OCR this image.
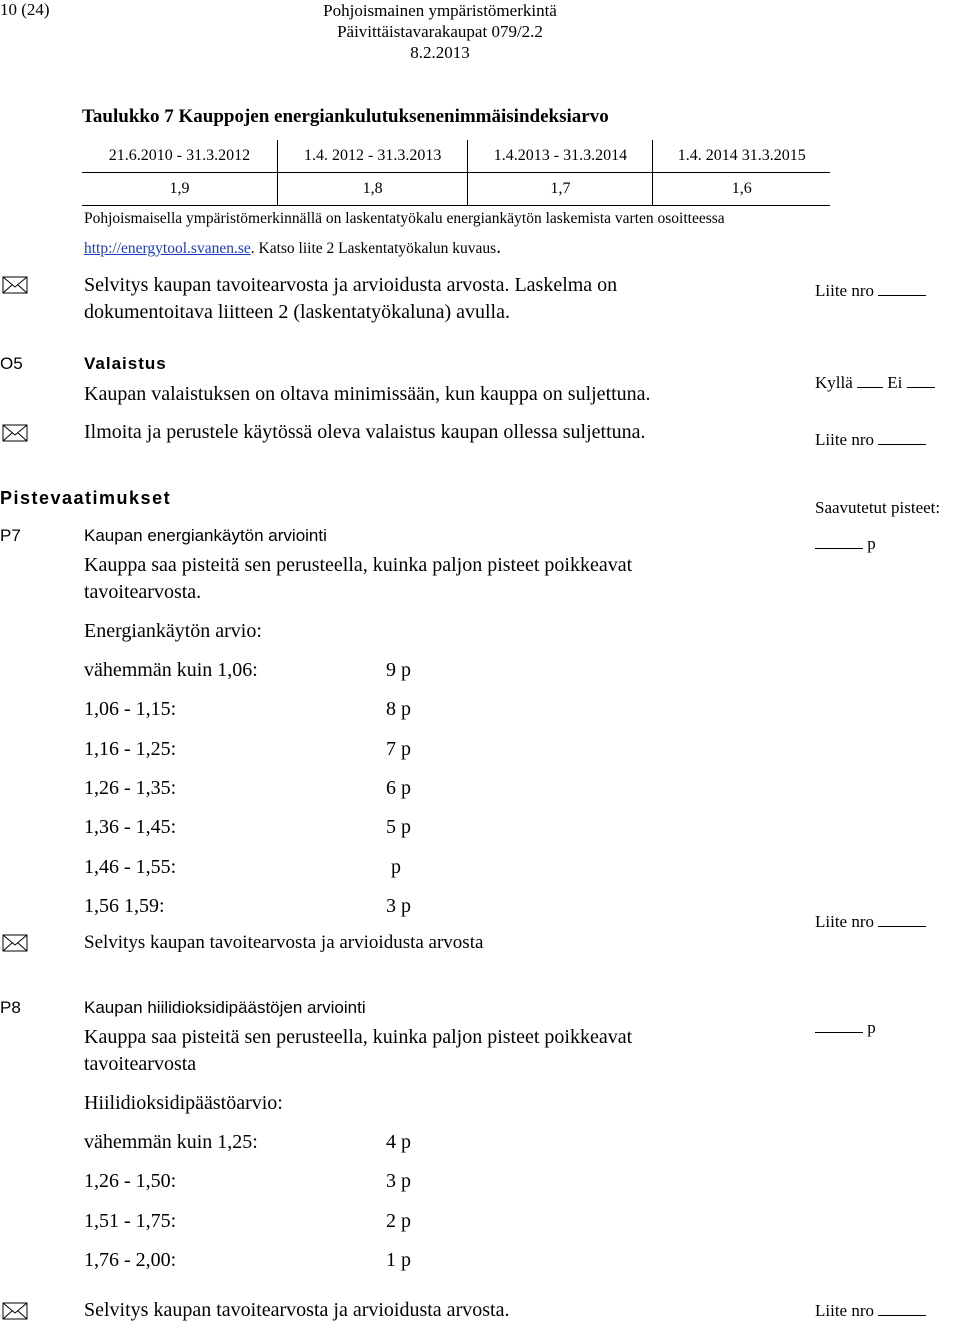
10 (24)	Pohjoismainen ympäristömerkintä
Päivittäistavarakaupat 079/2.2
8.2.2013
Taulukko 7 Kauppojen energiankulutuksenenimmäisindeksiarvo
21.6.2010 - 31.3.2012	1.4. 2012 - 31.3.2013	1.4.2013 - 31.3.2014	1.4. 2014 31.3.2015
1,9	1,8	1,7	1,6
Pohjoismaisella ympäristömerkinnällä on laskentatyökalu energiankäytön laskemista varten osoitteessa
http://energytool.svanen.se. Katso liite 2 Laskentatyökalun kuvaus.
Selvitys kaupan tavoitearvosta ja arvioidusta arvosta. Laskelma on
dokumentoitava liitteen 2 (laskentatyökaluna) avulla.
Liite nro
O5	Valaistus
Kaupan valaistuksen on oltava minimissään, kun kauppa on suljettuna.
Kyllä Ei
Ilmoita ja perustele käytössä oleva valaistus kaupan ollessa suljettuna.	Liite nro
Pistevaatimukset	Saavutetut pisteet:
P7	Kaupan energiankäytön arviointi	p
Kauppa saa pisteitä sen perusteella, kuinka paljon pisteet poikkeavat
tavoitearvosta.
Energiankäytön arvio:
vähemmän kuin 1,06:	9 p
1,06 - 1,15:	8 p
1,16 - 1,25:	7 p
1,26 - 1,35:	6 p
1,36 - 1,45:	5 p
1,46 - 1,55:	p
1,56 1,59:	3 p
Selvitys kaupan tavoitearvosta ja arvioidusta arvosta
Liite nro
P8	Kaupan hiilidioksidipäästöjen arviointi
p
Kauppa saa pisteitä sen perusteella, kuinka paljon pisteet poikkeavat
tavoitearvosta
Hiilidioksidipäästöarvio:
vähemmän kuin 1,25:	4 p
1,26 - 1,50:	3 p
1,51 - 1,75:	2 p
1,76 - 2,00:	1 p
Selvitys kaupan tavoitearvosta ja arvioidusta arvosta.	Liite nro
